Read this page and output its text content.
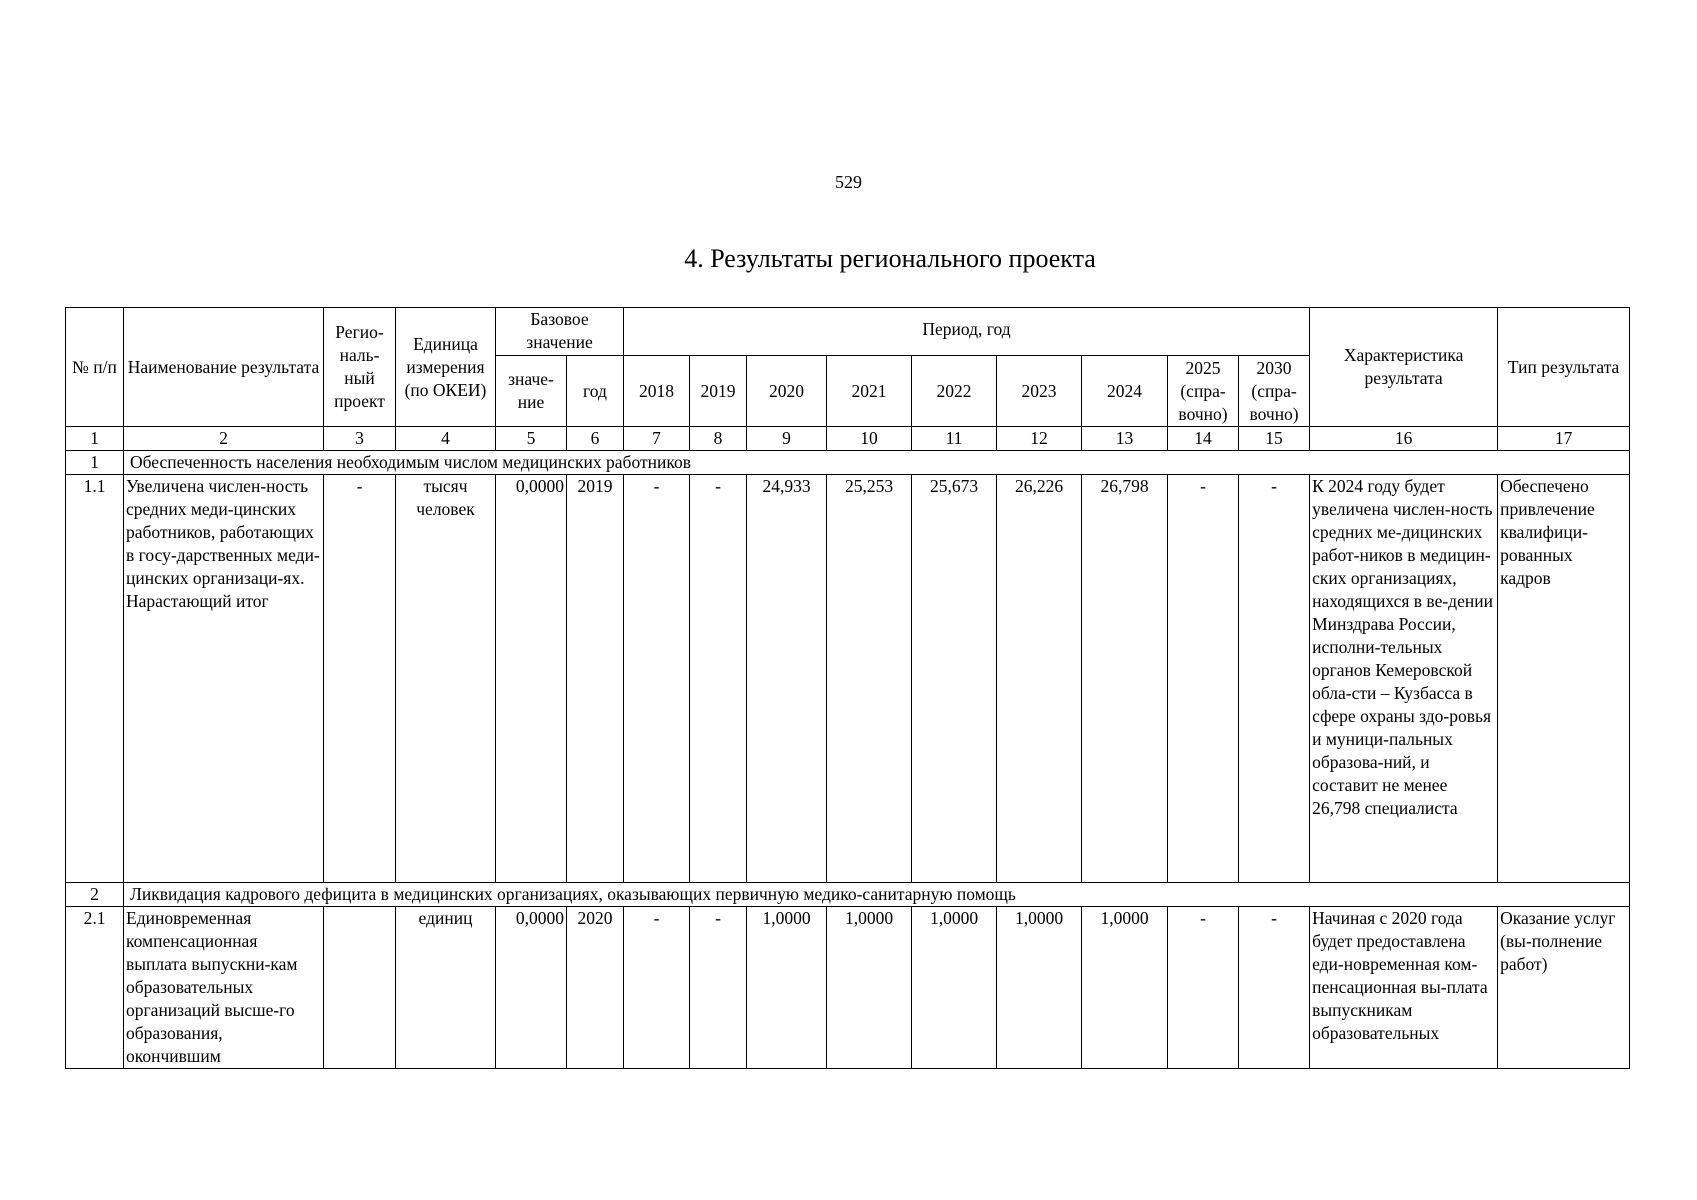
529
4. Результаты регионального проекта
№ п/п	Наименование результата	Регио-наль-ный проект	Единица измерения (по ОКЕИ)	Базовое значение		Период, год									Характеристика результата	Тип результата
				значе-ние	год	2018	2019	2020	2021	2022	2023	2024	2025 (спра-вочно)	2030 (спра-вочно)		
1	2	3	4	5	6	7	8	9	10	11	12	13	14	15	16	17
1	Обеспеченность населения необходимым числом медицинских работников															
1.1	Увеличена числен-ность средних меди-цинских работников, работающих в госу-дарственных меди-цинских организаци-ях. Нарастающий итог	-	тысяч человек	0,0000	2019	-	-	24,933	25,253	25,673	26,226	26,798	-	-	К 2024 году будет увеличена числен-ность средних ме-дицинских работ-ников в медицин-ских организациях, находящихся в ве-дении Минздрава России, исполни-тельных органов Кемеровской обла-сти – Кузбасса в сфере охраны здо-ровья и муници-пальных образова-ний, и составит не менее 26,798 специалиста	Обеспечено привлечение квалифици-рованных кадров
2	Ликвидация кадрового дефицита в медицинских организациях, оказывающих первичную медико-санитарную помощь															
2.1	Единовременная компенсационная выплата выпускни-кам образовательных организаций высше-го образования, окончившим		единиц	0,0000	2020	-	-	1,0000	1,0000	1,0000	1,0000	1,0000	-	-	Начиная с 2020 года будет предоставлена еди-новременная ком-пенсационная вы-плата выпускникам образовательных	Оказание услуг (вы-полнение работ)
